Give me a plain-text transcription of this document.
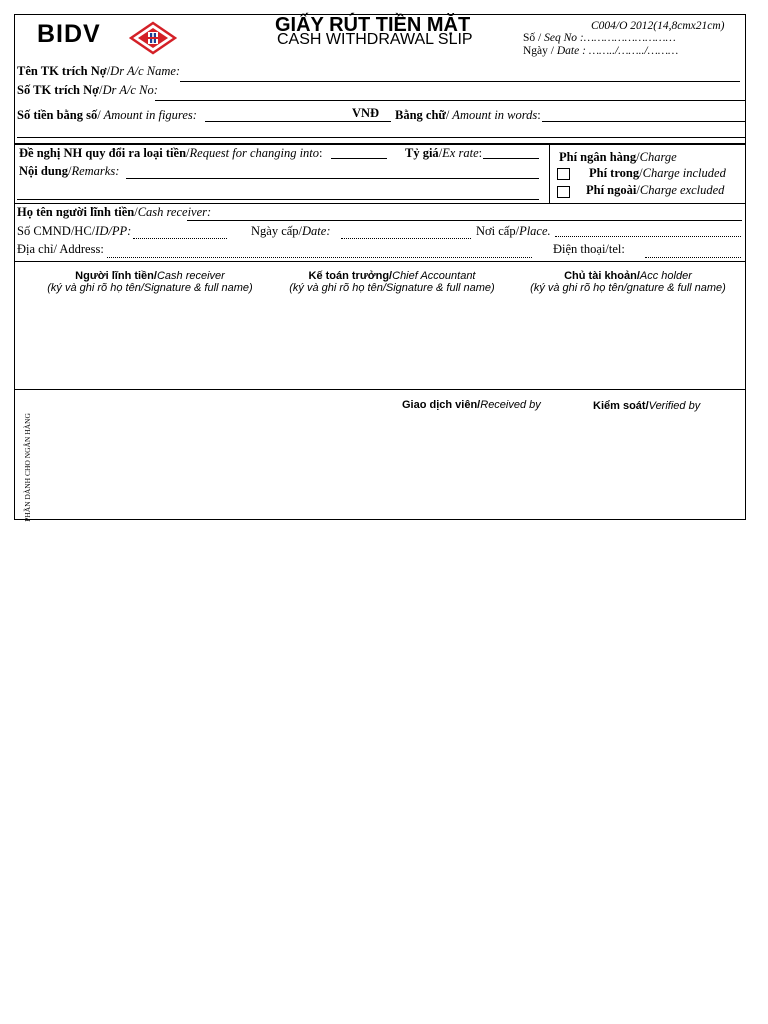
BIDV	GIẤY RÚT TIỀN MẶT
CASH WITHDRAWAL SLIP
C004/O 2012(14,8cmx21cm)
Số / Seq No :………………………
Ngày / Date : ……../……../………
Tên TK trích Nợ/Dr A/c Name:
Số TK trích Nợ/Dr A/c No:
Số tiền bằng số/ Amount in figures:	VNĐ Bằng chữ/ Amount in words:
Đề nghị NH quy đổi ra loại tiền/Request for changing into:	Tỷ giá/Ex rate:
Nội dung/Remarks:
Phí ngân hàng/Charge
Phí trong/Charge included
Phí ngoài/Charge excluded
Họ tên người lĩnh tiền/Cash receiver:
Số CMND/HC/ID/PP:	Ngày cấp/Date:	Nơi cấp/Place.
Địa chỉ/ Address:	Điện thoại/tel:
Người lĩnh tiền/Cash receiver
(ký và ghi rõ họ tên/Signature & full name)
Kế toán trưởng/Chief Accountant
(ký và ghi rõ họ tên/Signature & full name)
Chủ tài khoản/Acc holder
(ký và ghi rõ họ tên/gnature & full name)
PHẦN DÀNH CHO NGÂN HÀNG
Giao dịch viên/Received by	Kiểm soát/Verified by
